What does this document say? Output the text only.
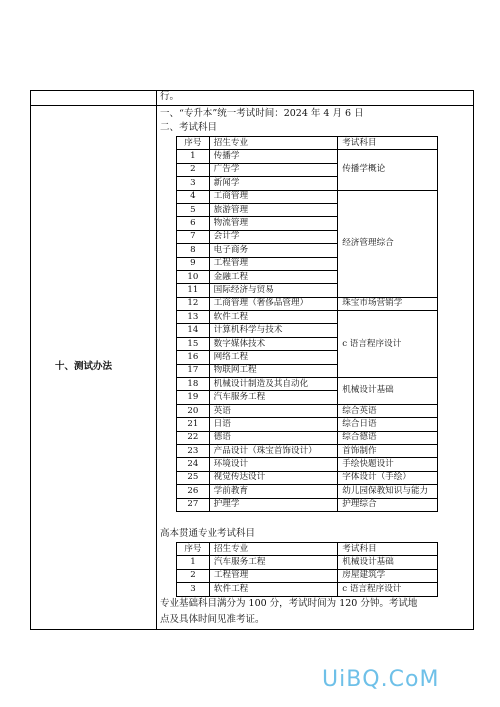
行。
十、测试办法
一、“专升本”统一考试时间：2024 年 4 月 6 日
二、考试科目
序号	招生专业	考试科目
1	传播学	传播学概论
2	广告学	
3	新闻学	
4	工商管理	经济管理综合
5	旅游管理	
6	物流管理	
7	会计学	
8	电子商务	
9	工程管理	
10	金融工程	
11	国际经济与贸易	
12	工商管理（奢侈品管理）	珠宝市场营销学
13	软件工程	c 语言程序设计
14	计算机科学与技术	
15	数字媒体技术	
16	网络工程	
17	物联网工程	
18	机械设计制造及其自动化	机械设计基础
19	汽车服务工程	
20	英语	综合英语
21	日语	综合日语
22	德语	综合德语
23	产品设计（珠宝首饰设计）	首饰制作
24	环境设计	手绘快题设计
25	视觉传达设计	字体设计（手绘）
26	学前教育	幼儿园保教知识与能力
27	护理学	护理综合
高本贯通专业考试科目
序号	招生专业	考试科目
1	汽车服务工程	机械设计基础
2	工程管理	房屋建筑学
3	软件工程	c 语言程序设计
专业基础科目满分为 100 分，考试时间为 120 分钟。考试地
点及具体时间见准考证。
UiBQ.CoM
